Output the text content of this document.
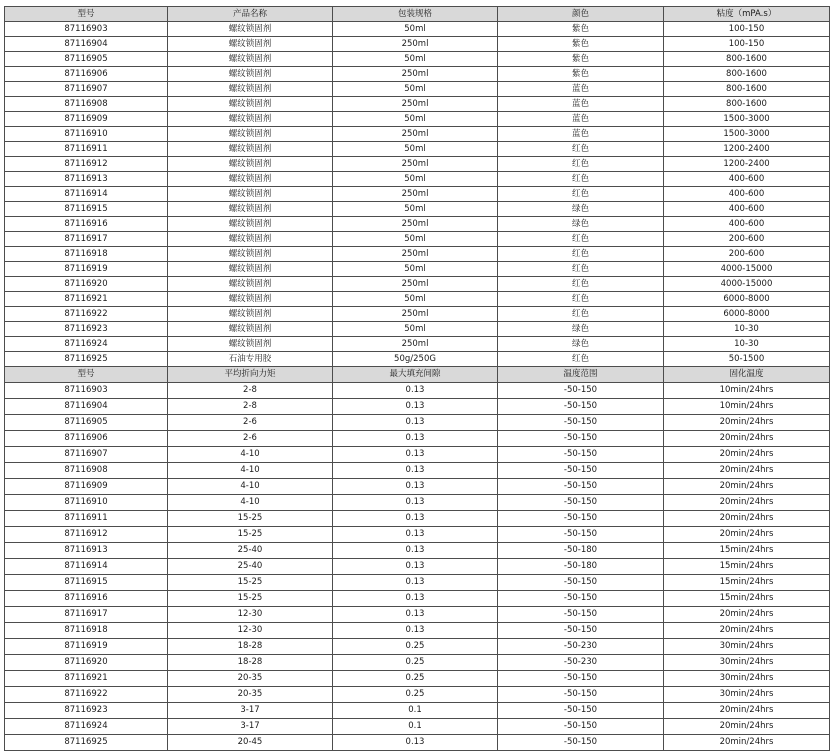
型号	产品名称	包装规格	颜色	粘度（mPA.s）
87116903	螺纹锁固剂	50ml	紫色	100-150
87116904	螺纹锁固剂	250ml	紫色	100-150
87116905	螺纹锁固剂	50ml	紫色	800-1600
87116906	螺纹锁固剂	250ml	紫色	800-1600
87116907	螺纹锁固剂	50ml	蓝色	800-1600
87116908	螺纹锁固剂	250ml	蓝色	800-1600
87116909	螺纹锁固剂	50ml	蓝色	1500-3000
87116910	螺纹锁固剂	250ml	蓝色	1500-3000
87116911	螺纹锁固剂	50ml	红色	1200-2400
87116912	螺纹锁固剂	250ml	红色	1200-2400
87116913	螺纹锁固剂	50ml	红色	400-600
87116914	螺纹锁固剂	250ml	红色	400-600
87116915	螺纹锁固剂	50ml	绿色	400-600
87116916	螺纹锁固剂	250ml	绿色	400-600
87116917	螺纹锁固剂	50ml	红色	200-600
87116918	螺纹锁固剂	250ml	红色	200-600
87116919	螺纹锁固剂	50ml	红色	4000-15000
87116920	螺纹锁固剂	250ml	红色	4000-15000
87116921	螺纹锁固剂	50ml	红色	6000-8000
87116922	螺纹锁固剂	250ml	红色	6000-8000
87116923	螺纹锁固剂	50ml	绿色	10-30
87116924	螺纹锁固剂	250ml	绿色	10-30
87116925	石油专用胶	50g/250G	红色	50-1500
型号	平均折向力矩	最大填充间隙	温度范围	固化温度
87116903	2-8	0.13	-50-150	10min/24hrs
87116904	2-8	0.13	-50-150	10min/24hrs
87116905	2-6	0.13	-50-150	20min/24hrs
87116906	2-6	0.13	-50-150	20min/24hrs
87116907	4-10	0.13	-50-150	20min/24hrs
87116908	4-10	0.13	-50-150	20min/24hrs
87116909	4-10	0.13	-50-150	20min/24hrs
87116910	4-10	0.13	-50-150	20min/24hrs
87116911	15-25	0.13	-50-150	20min/24hrs
87116912	15-25	0.13	-50-150	20min/24hrs
87116913	25-40	0.13	-50-180	15min/24hrs
87116914	25-40	0.13	-50-180	15min/24hrs
87116915	15-25	0.13	-50-150	15min/24hrs
87116916	15-25	0.13	-50-150	15min/24hrs
87116917	12-30	0.13	-50-150	20min/24hrs
87116918	12-30	0.13	-50-150	20min/24hrs
87116919	18-28	0.25	-50-230	30min/24hrs
87116920	18-28	0.25	-50-230	30min/24hrs
87116921	20-35	0.25	-50-150	30min/24hrs
87116922	20-35	0.25	-50-150	30min/24hrs
87116923	3-17	0.1	-50-150	20min/24hrs
87116924	3-17	0.1	-50-150	20min/24hrs
87116925	20-45	0.13	-50-150	20min/24hrs
